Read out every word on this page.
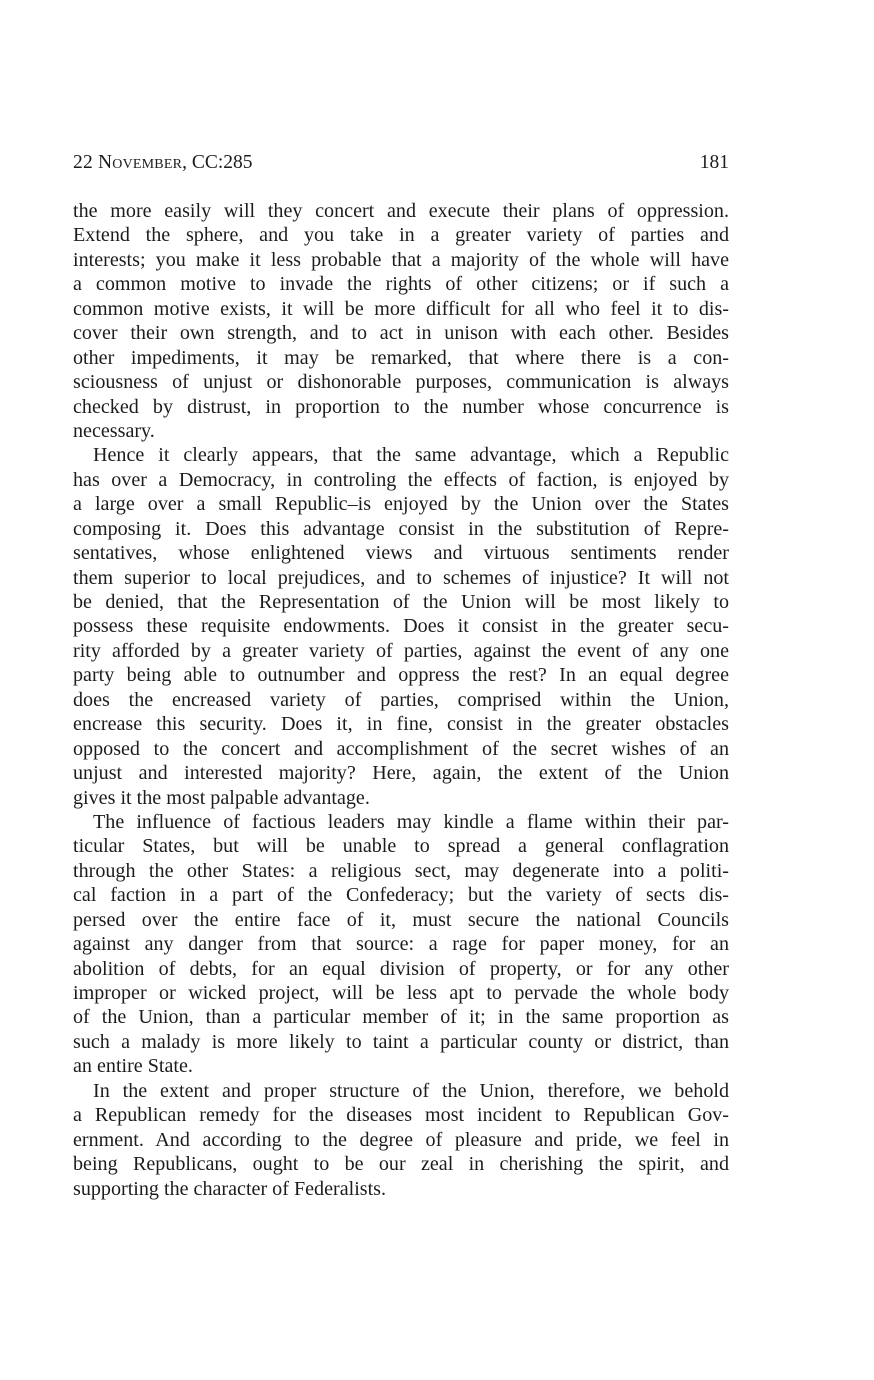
22 November, CC:285	181
the more easily will they concert and execute their plans of oppression.
Extend the sphere, and you take in a greater variety of parties and
interests; you make it less probable that a majority of the whole will have
a common motive to invade the rights of other citizens; or if such a
common motive exists, it will be more difficult for all who feel it to dis-
cover their own strength, and to act in unison with each other. Besides
other impediments, it may be remarked, that where there is a con-
sciousness of unjust or dishonorable purposes, communication is always
checked by distrust, in proportion to the number whose concurrence is
necessary.
Hence it clearly appears, that the same advantage, which a Republic
has over a Democracy, in controling the effects of faction, is enjoyed by
a large over a small Republic–is enjoyed by the Union over the States
composing it. Does this advantage consist in the substitution of Repre-
sentatives, whose enlightened views and virtuous sentiments render
them superior to local prejudices, and to schemes of injustice? It will not
be denied, that the Representation of the Union will be most likely to
possess these requisite endowments. Does it consist in the greater secu-
rity afforded by a greater variety of parties, against the event of any one
party being able to outnumber and oppress the rest? In an equal degree
does the encreased variety of parties, comprised within the Union,
encrease this security. Does it, in fine, consist in the greater obstacles
opposed to the concert and accomplishment of the secret wishes of an
unjust and interested majority? Here, again, the extent of the Union
gives it the most palpable advantage.
The influence of factious leaders may kindle a flame within their par-
ticular States, but will be unable to spread a general conflagration
through the other States: a religious sect, may degenerate into a politi-
cal faction in a part of the Confederacy; but the variety of sects dis-
persed over the entire face of it, must secure the national Councils
against any danger from that source: a rage for paper money, for an
abolition of debts, for an equal division of property, or for any other
improper or wicked project, will be less apt to pervade the whole body
of the Union, than a particular member of it; in the same proportion as
such a malady is more likely to taint a particular county or district, than
an entire State.
In the extent and proper structure of the Union, therefore, we behold
a Republican remedy for the diseases most incident to Republican Gov-
ernment. And according to the degree of pleasure and pride, we feel in
being Republicans, ought to be our zeal in cherishing the spirit, and
supporting the character of Federalists.
